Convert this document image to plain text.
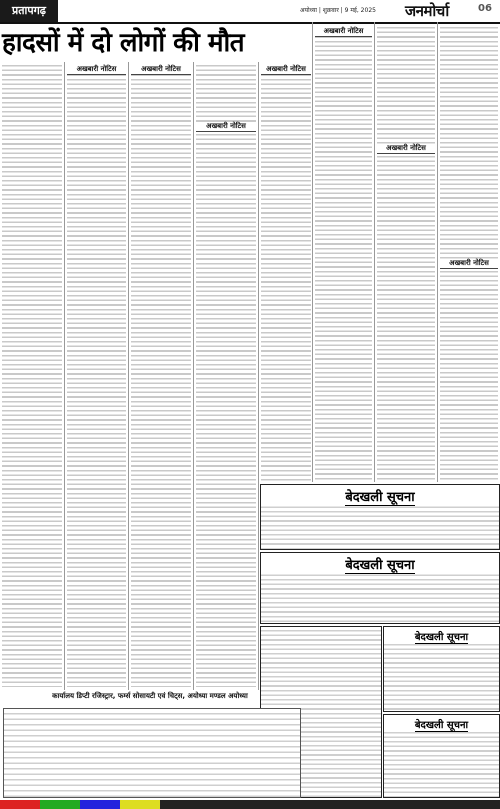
प्रतापगढ़	अयोध्या | शुक्रवार | 9 मई, 2025 जनमोर्चा	06
हादसों में दो लोगों की मौत
अखबारी नोटिस	अखबारी नोटिस
अखबारी नोटिस
अखबारी नोटिस
अखबारी नोटिस
अखबारी नोटिस
अखबारी नोटिस
बेदखली सूचना
बेदखली सूचना
बेदखली सूचना
बेदखली सूचना
कार्यालय डिप्टी रजिस्ट्रार, फर्म्स सोसायटी एवं चिट्स, अयोध्या मण्डल अयोध्या
